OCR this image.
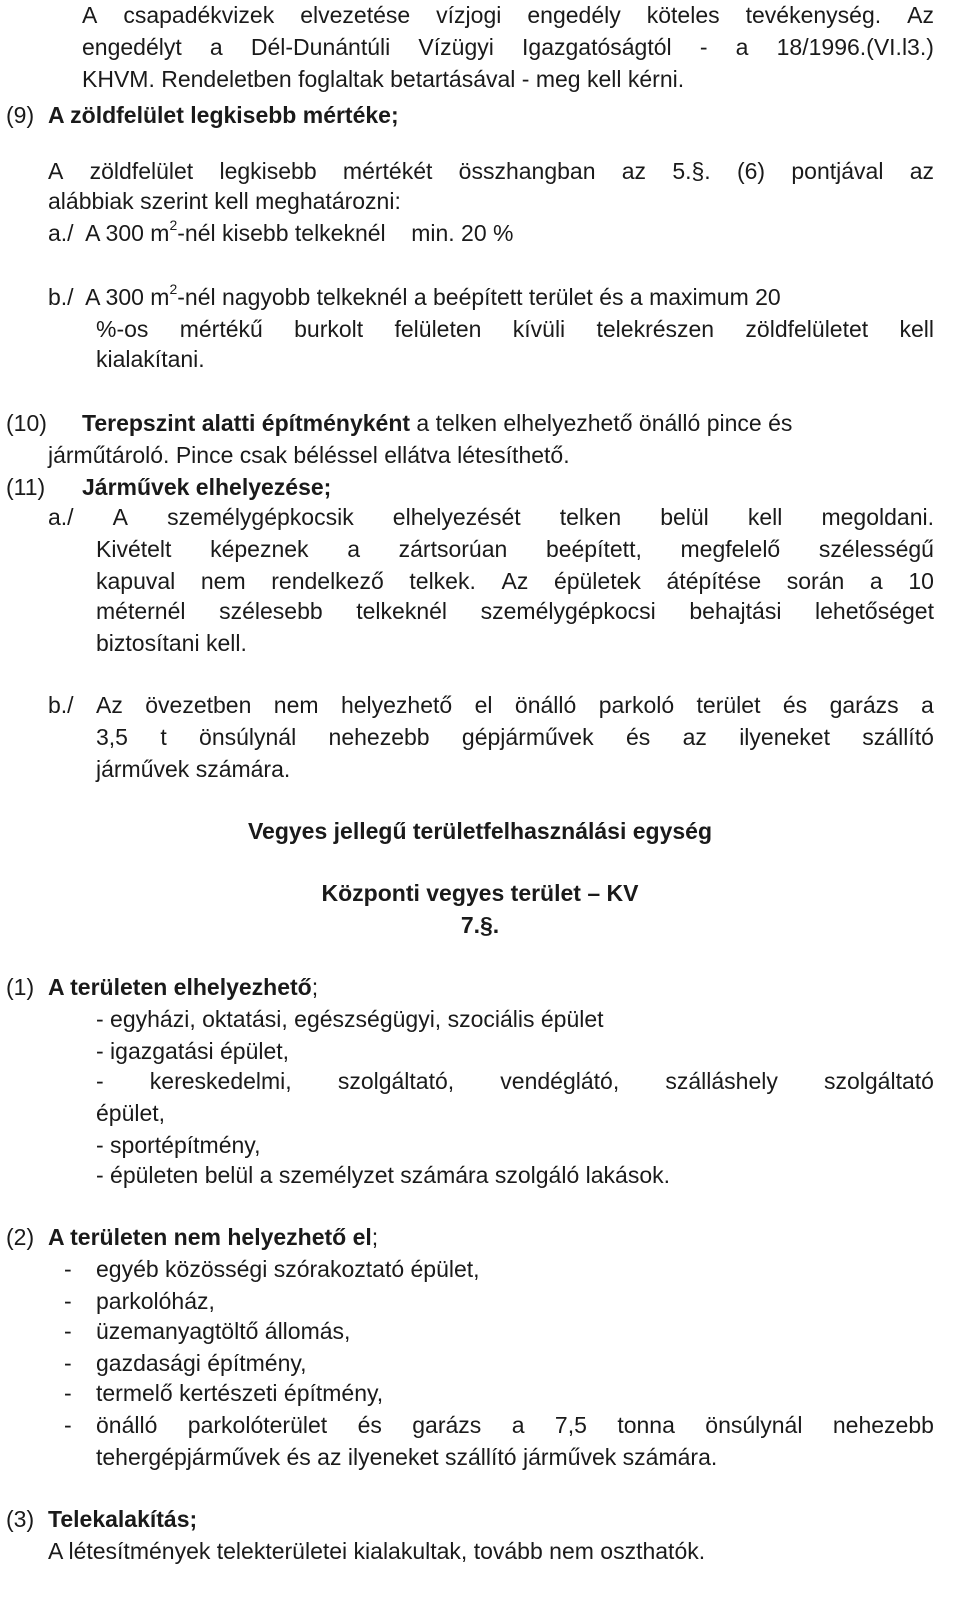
A csapadékvizek elvezetése vízjogi engedély köteles tevékenység. Az
engedélyt a Dél-Dunántúli Vízügyi Igazgatóságtól - a 18/1996.(VI.l3.)
KHVM. Rendeletben foglaltak betartásával - meg kell kérni.
(9) A zöldfelület legkisebb mértéke;
A zöldfelület legkisebb mértékét összhangban az 5.§. (6) pontjával az
alábbiak szerint kell meghatározni:
a./  A 300 $m^2$-nél kisebb telkeknél    min. 20 %
b./  A 300 $m^2$-nél nagyobb telkeknél a beépített terület és a maximum 20
%-os mértékű burkolt felületen kívüli telekrészen zöldfelületet kell
kialakítani.
(10) Terepszint alatti építményként a telken elhelyezhető önálló pince és
járműtároló. Pince csak béléssel ellátva létesíthető.
(11) Járművek elhelyezése;
a./ A személygépkocsik elhelyezését telken belül kell megoldani.
Kivételt képeznek a zártsorúan beépített, megfelelő szélességű
kapuval nem rendelkező telkek. Az épületek átépítése során a 10
méternél szélesebb telkeknél személygépkocsi behajtási lehetőséget
biztosítani kell.
b./ Az övezetben nem helyezhető el önálló parkoló terület és garázs a
3,5 t önsúlynál nehezebb gépjárművek és az ilyeneket szállító
járművek számára.
Vegyes jellegű területfelhasználási egység
Központi vegyes terület – KV
7.§.
(1) A területen elhelyezhető;
- egyházi, oktatási, egészségügyi, szociális épület
- igazgatási épület,
- kereskedelmi, szolgáltató, vendéglátó, szálláshely szolgáltató
épület,
- sportépítmény,
- épületen belül a személyzet számára szolgáló lakások.
(2) A területen nem helyezhető el;
- egyéb közösségi szórakoztató épület,
- parkolóház,
- üzemanyagtöltő állomás,
- gazdasági építmény,
- termelő kertészeti építmény,
- önálló parkolóterület és garázs a 7,5 tonna önsúlynál nehezebb
tehergépjárművek és az ilyeneket szállító járművek számára.
(3) Telekalakítás;
A létesítmények telekterületei kialakultak, tovább nem oszthatók.
